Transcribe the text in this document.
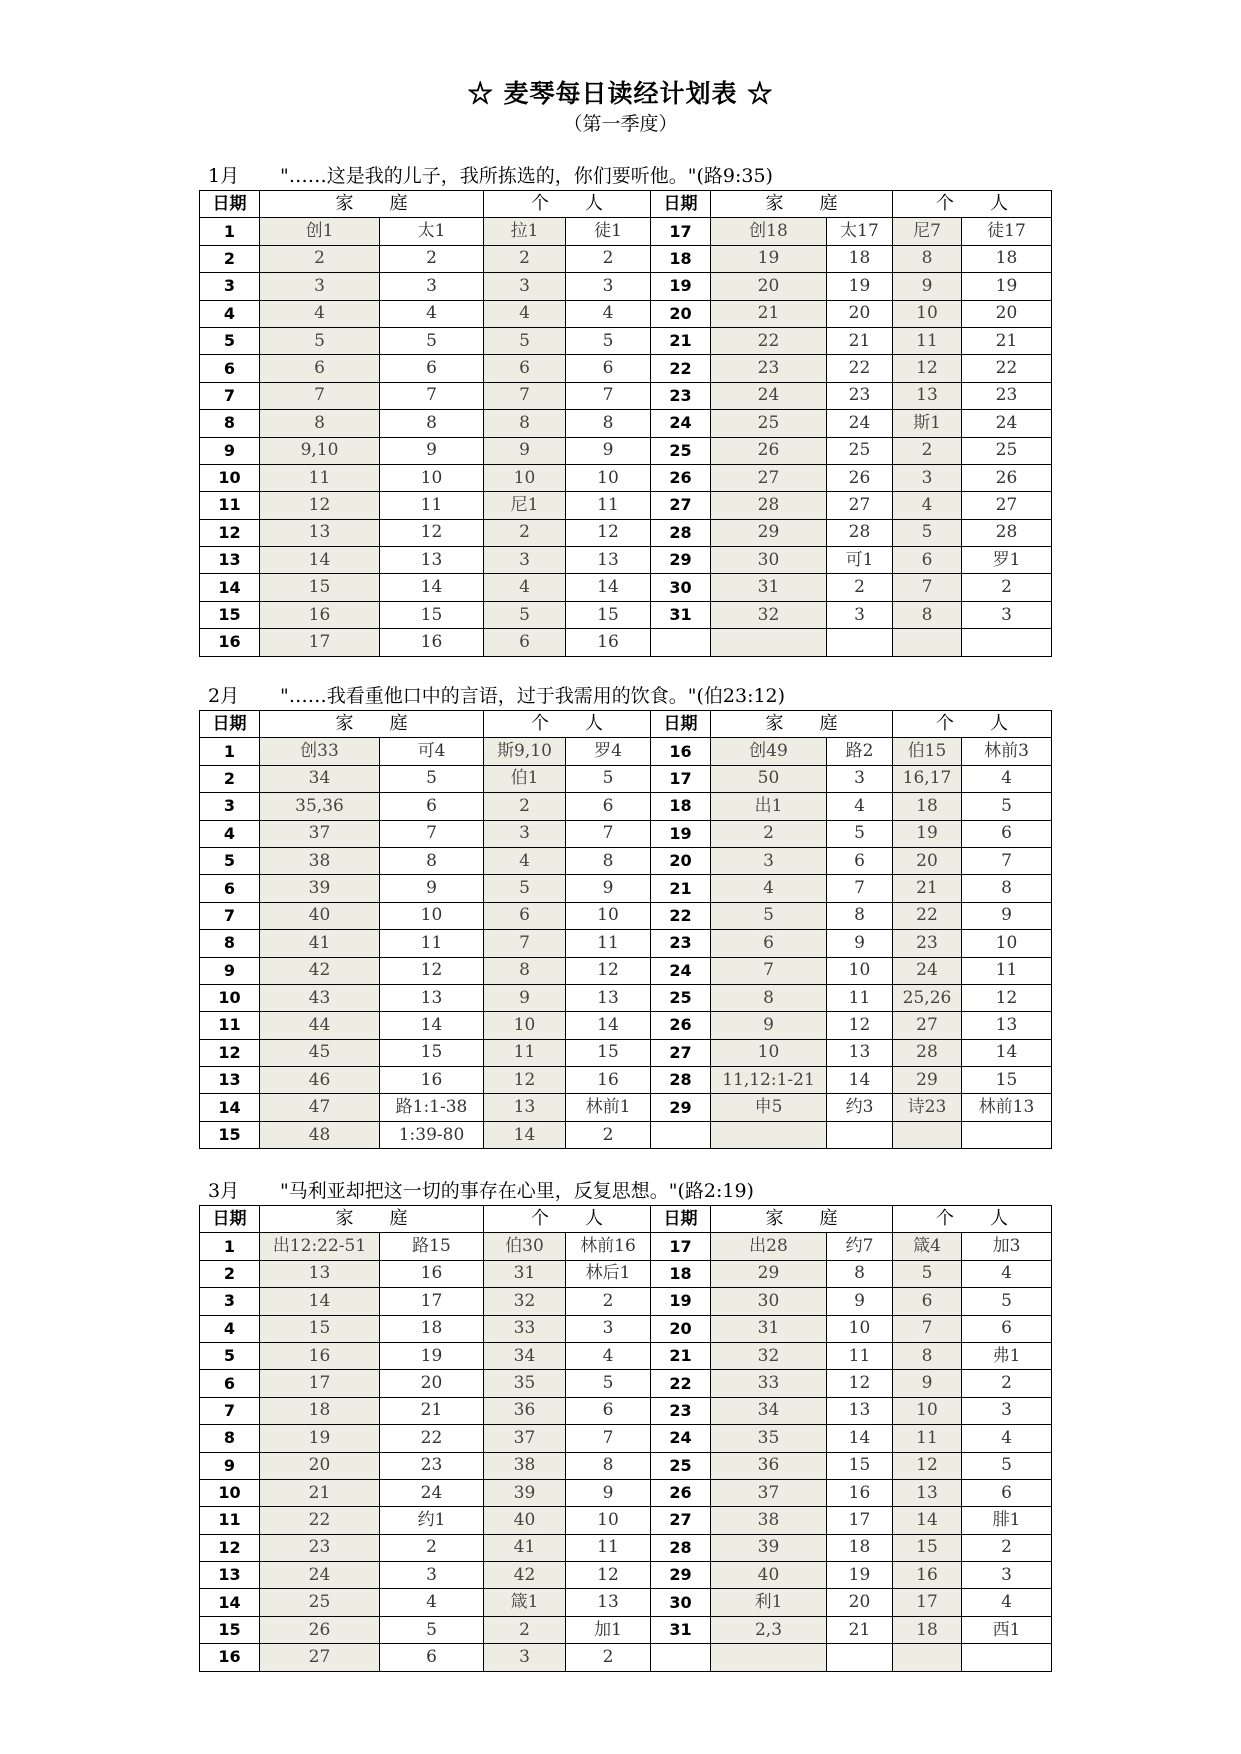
☆ 麦琴每日读经计划表 ☆
（第一季度）
1月 "……这是我的儿子，我所拣选的，你们要听他。"(路9:35)
日期	家　　庭		个　　人		日期	家　　庭		个　　人	
1	创1	太1	拉1	徒1	17	创18	太17	尼7	徒17
2	2	2	2	2	18	19	18	8	18
3	3	3	3	3	19	20	19	9	19
4	4	4	4	4	20	21	20	10	20
5	5	5	5	5	21	22	21	11	21
6	6	6	6	6	22	23	22	12	22
7	7	7	7	7	23	24	23	13	23
8	8	8	8	8	24	25	24	斯1	24
9	9,10	9	9	9	25	26	25	2	25
10	11	10	10	10	26	27	26	3	26
11	12	11	尼1	11	27	28	27	4	27
12	13	12	2	12	28	29	28	5	28
13	14	13	3	13	29	30	可1	6	罗1
14	15	14	4	14	30	31	2	7	2
15	16	15	5	15	31	32	3	8	3
16	17	16	6	16					
2月 "……我看重他口中的言语，过于我需用的饮食。"(伯23:12)
日期	家　　庭		个　　人		日期	家　　庭		个　　人	
1	创33	可4	斯9,10	罗4	16	创49	路2	伯15	林前3
2	34	5	伯1	5	17	50	3	16,17	4
3	35,36	6	2	6	18	出1	4	18	5
4	37	7	3	7	19	2	5	19	6
5	38	8	4	8	20	3	6	20	7
6	39	9	5	9	21	4	7	21	8
7	40	10	6	10	22	5	8	22	9
8	41	11	7	11	23	6	9	23	10
9	42	12	8	12	24	7	10	24	11
10	43	13	9	13	25	8	11	25,26	12
11	44	14	10	14	26	9	12	27	13
12	45	15	11	15	27	10	13	28	14
13	46	16	12	16	28	11,12:1-21	14	29	15
14	47	路1:1-38	13	林前1	29	申5	约3	诗23	林前13
15	48	1:39-80	14	2					
3月 "马利亚却把这一切的事存在心里，反复思想。"(路2:19)
日期	家　　庭		个　　人		日期	家　　庭		个　　人	
1	出12:22-51	路15	伯30	林前16	17	出28	约7	箴4	加3
2	13	16	31	林后1	18	29	8	5	4
3	14	17	32	2	19	30	9	6	5
4	15	18	33	3	20	31	10	7	6
5	16	19	34	4	21	32	11	8	弗1
6	17	20	35	5	22	33	12	9	2
7	18	21	36	6	23	34	13	10	3
8	19	22	37	7	24	35	14	11	4
9	20	23	38	8	25	36	15	12	5
10	21	24	39	9	26	37	16	13	6
11	22	约1	40	10	27	38	17	14	腓1
12	23	2	41	11	28	39	18	15	2
13	24	3	42	12	29	40	19	16	3
14	25	4	箴1	13	30	利1	20	17	4
15	26	5	2	加1	31	2,3	21	18	西1
16	27	6	3	2					
